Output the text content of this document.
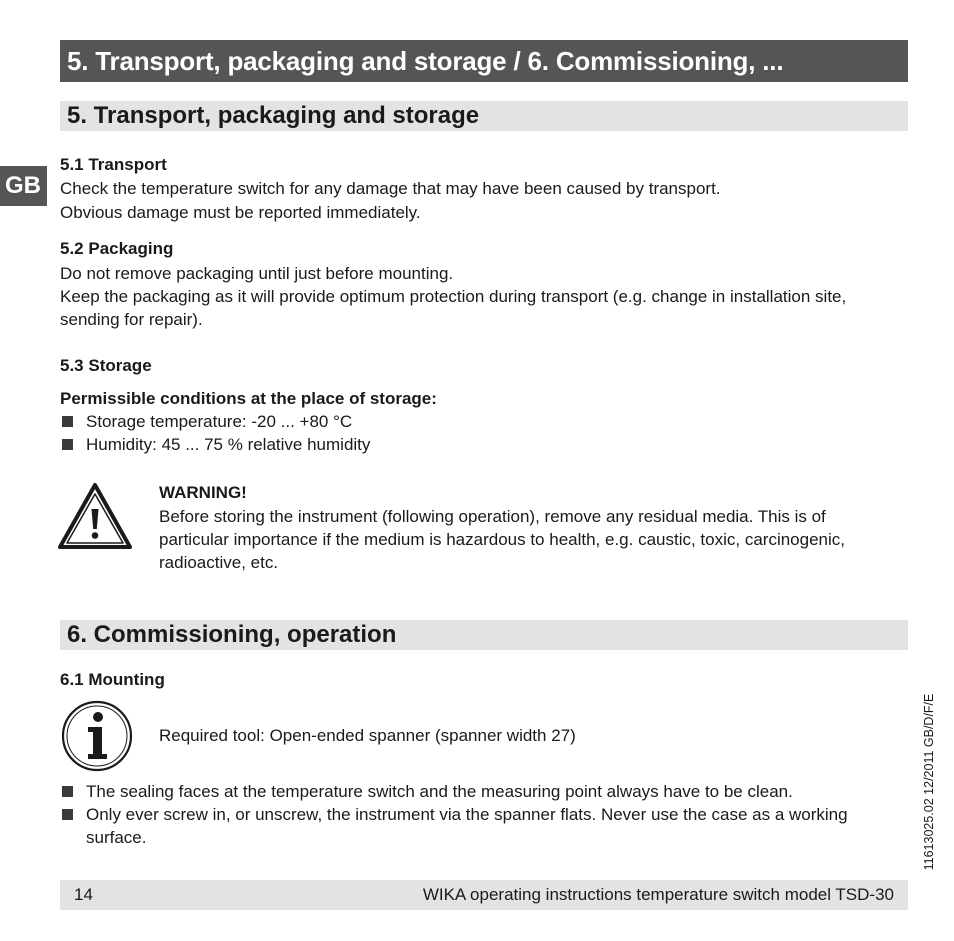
5. Transport, packaging and storage / 6. Commissioning, ...
5. Transport, packaging and storage
GB
5.1 Transport
Check the temperature switch for any damage that may have been caused by transport.
Obvious damage must be reported immediately.
5.2 Packaging
Do not remove packaging until just before mounting.
Keep the packaging as it will provide optimum protection during transport (e.g. change in installation site,
sending for repair).
5.3 Storage
Permissible conditions at the place of storage:
Storage temperature: -20 ... +80 °C
Humidity: 45 ... 75 % relative humidity
WARNING!
Before storing the instrument (following operation), remove any residual media. This is of
particular importance if the medium is hazardous to health, e.g. caustic, toxic, carcinogenic,
radioactive, etc.
6. Commissioning, operation
6.1 Mounting
Required tool: Open-ended spanner (spanner width 27)
The sealing faces at the temperature switch and the measuring point always have to be clean.
Only ever screw in, or unscrew, the instrument via the spanner flats. Never use the case as a working
surface.	11613025.02 12/2011 GB/D/F/E
14	WIKA operating instructions temperature switch model TSD-30
